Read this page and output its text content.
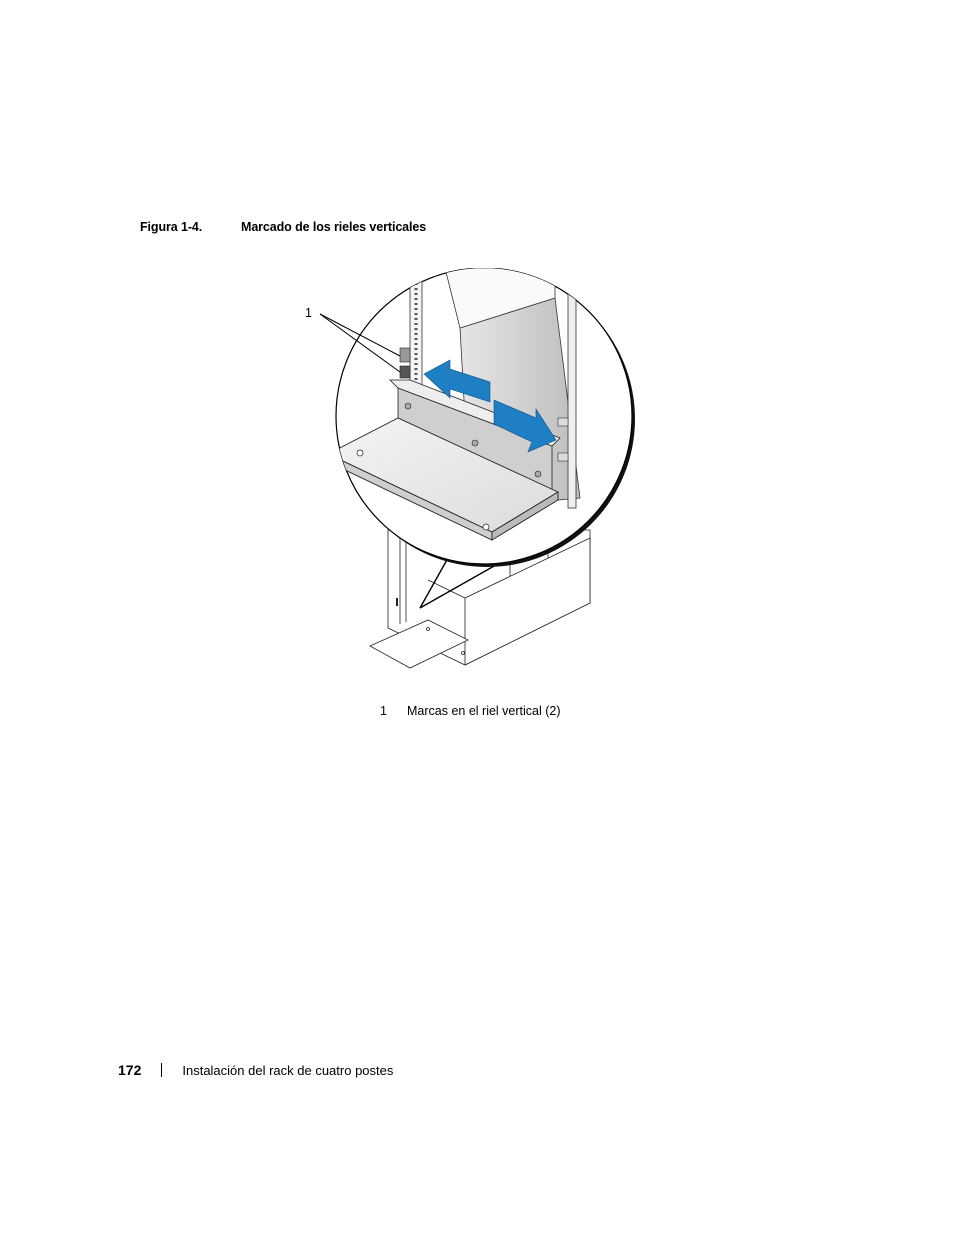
Figura 1-4.	Marcado de los rieles verticales
1
1 Marcas en el riel vertical (2)
172	Instalación del rack de cuatro postes
